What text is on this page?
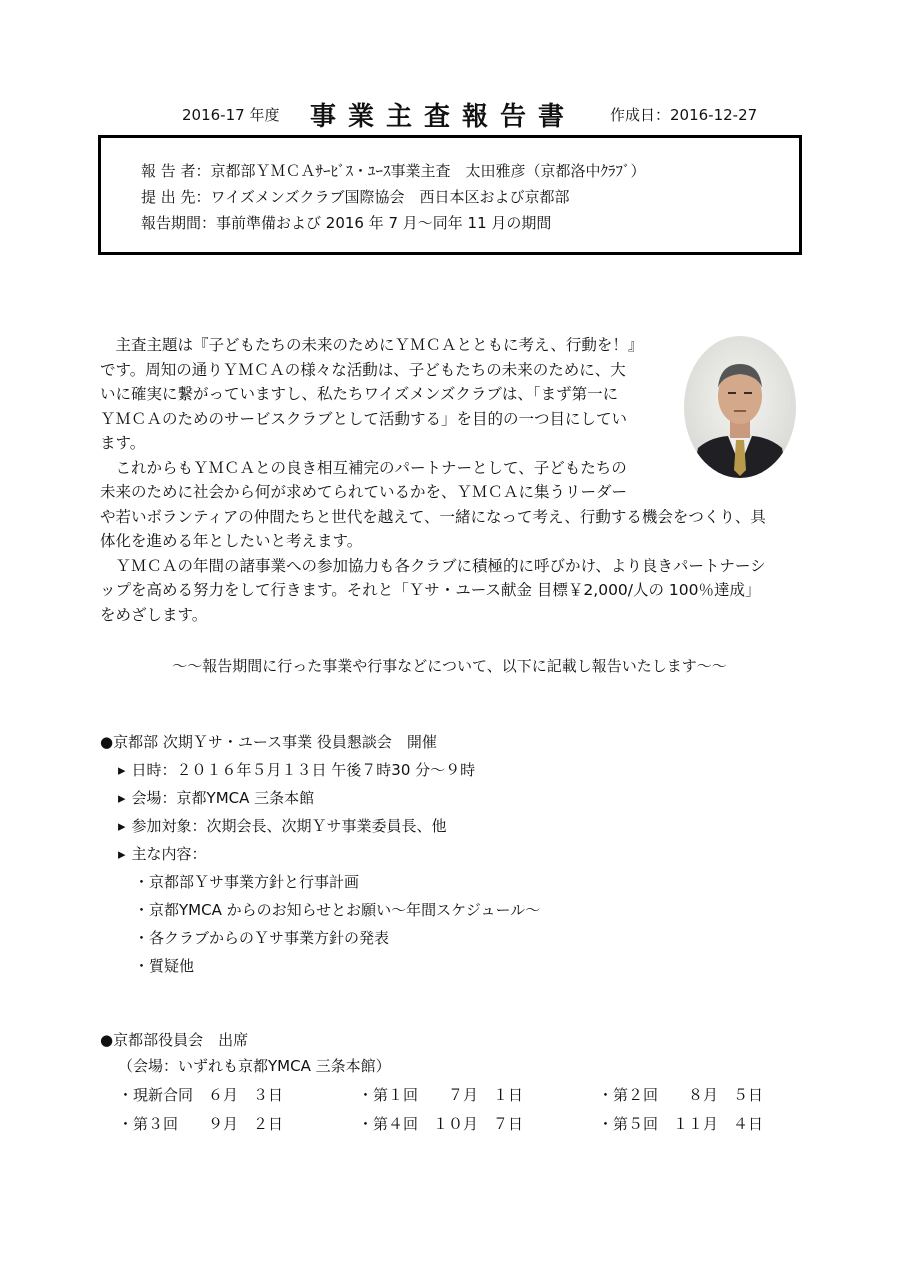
2016-17 年度 事業主査報告書 作成日：2016-12-27
報 告 者：京都部ＹＭＣＡｻｰﾋﾞｽ・ﾕｰｽ事業主査　太田雅彦（京都洛中ｸﾗﾌﾞ）
提 出 先：ワイズメンズクラブ国際協会　西日本区および京都部
報告期間：事前準備および 2016 年 7 月～同年 11 月の期間
　主査主題は『子どもたちの未来のためにＹＭＣＡとともに考え、行動を！』
です。周知の通りＹＭＣＡの様々な活動は、子どもたちの未来のために、大
いに確実に繋がっていますし、私たちワイズメンズクラブは、「まず第一に
ＹＭＣＡのためのサービスクラブとして活動する」を目的の一つ目にしてい
ます。
　これからもＹＭＣＡとの良き相互補完のパートナーとして、子どもたちの
未来のために社会から何が求めてられているかを、ＹＭＣＡに集うリーダー
や若いボランティアの仲間たちと世代を越えて、一緒になって考え、行動する機会をつくり、具
体化を進める年としたいと考えます。
　ＹＭＣＡの年間の諸事業への参加協力も各クラブに積極的に呼びかけ、より良きパートナーシ
ップを高める努力をして行きます。それと「Ｙサ・ユース献金 目標￥2,000/人の 100％達成」
をめざします。
～～報告期間に行った事業や行事などについて、以下に記載し報告いたします～～
●京都部 次期Ｙサ・ユース事業 役員懇談会　開催
▸ 日時：２０１６年５月１３日 午後７時30 分～９時
▸ 会場：京都YMCA 三条本館
▸ 参加対象：次期会長、次期Ｙサ事業委員長、他
▸ 主な内容：
・京都部Ｙサ事業方針と行事計画
・京都YMCA からのお知らせとお願い～年間スケジュール～
・各クラブからのＹサ事業方針の発表
・質疑他
●京都部役員会　出席
（会場：いずれも京都YMCA 三条本館）
・現新合同　６月　３日	・第１回　　７月　１日	・第２回　　８月　５日
・第３回　　９月　２日	・第４回　１０月　７日	・第５回　１１月　４日
